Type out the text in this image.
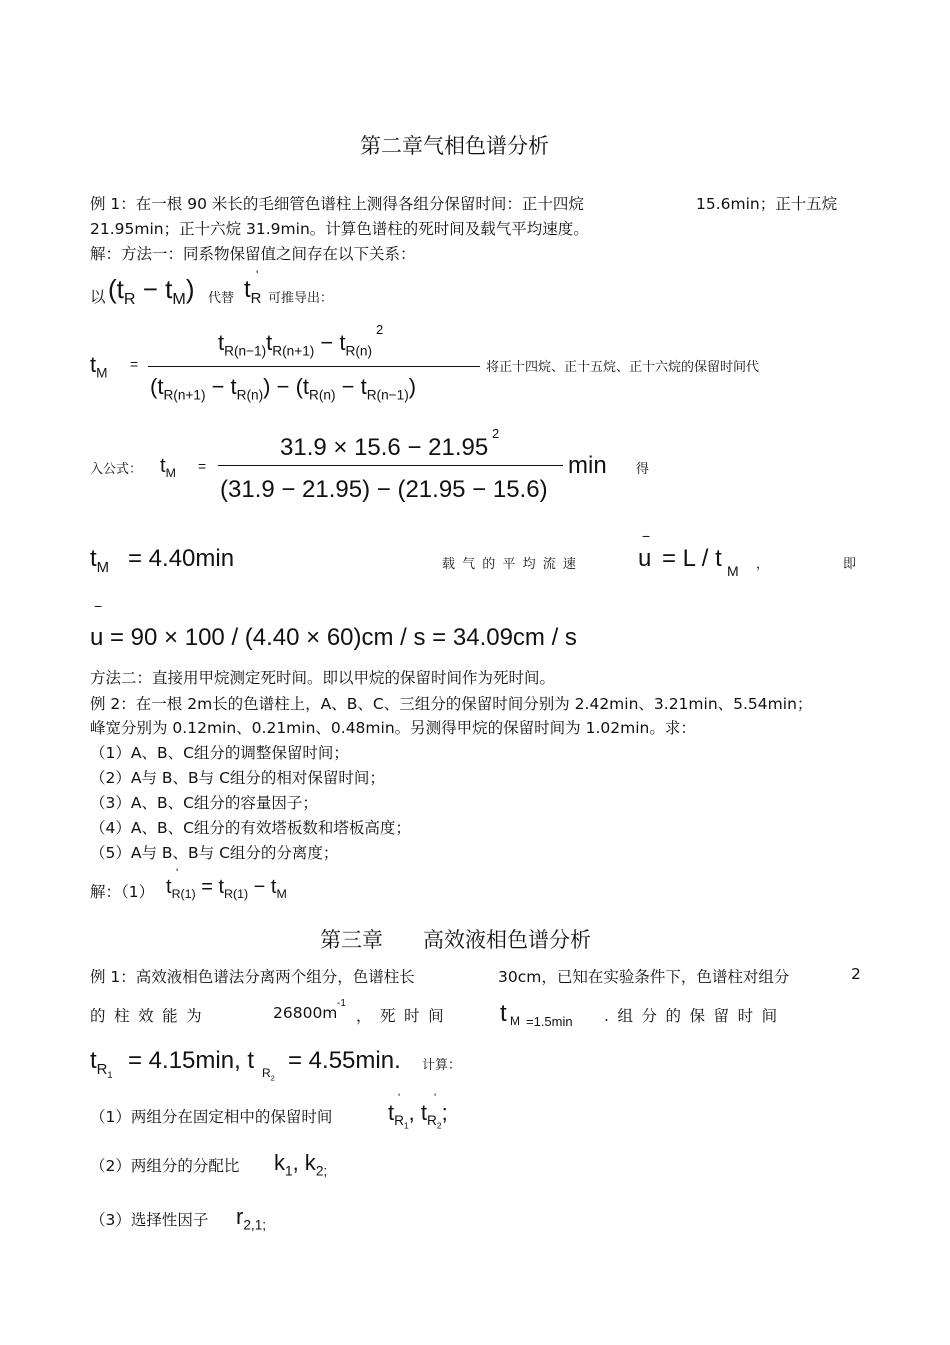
第二章气相色谱分析
例 1：在一根 90 米长的毛细管色谱柱上测得各组分保留时间：正十四烷	15.6min；正十五烷
21.95min；正十六烷 31.9min。计算色谱柱的死时间及载气平均速度。
解：方法一：同系物保留值之间存在以下关系：
以 $(t_R - t_M)$ 代替 $t_R$
'
可推导出：
$t_M$
=
$t_{R(n-1)}t_{R(n+1)} - t_{R(n)}$
2
$(t_{R(n+1)} - t_{R(n)}) - (t_{R(n)} - t_{R(n-1)})$
将正十四烷、正十五烷、正十六烷的保留时间代
入公式： $t_M$ =
31.9 × 15.6 − 21.95
2
(31.9 − 21.95) − (21.95 − 15.6)
min 得
$t_M = 4.40\min$	载气的平均流速 u
−
= L / t M ，	即
−
u = 90 × 100 / (4.40 × 60)cm / s = 34.09cm / s
方法二：直接用甲烷测定死时间。即以甲烷的保留时间作为死时间。
例 2：在一根 2m长的色谱柱上，A、B、C、三组分的保留时间分别为 2.42min、3.21min、5.54min；
峰宽分别为 0.12min、0.21min、0.48min。另测得甲烷的保留时间为 1.02min。求：
（1）A、B、C组分的调整保留时间；
（2）A与 B、B与 C组分的相对保留时间；
（3）A、B、C组分的容量因子；
（4）A、B、C组分的有效塔板数和塔板高度；
（5）A与 B、B与 C组分的分离度；
解：（1） $t_{R(1)} = t_{R(1)} - t_M$
'
第三章      高效液相色谱分析
例 1：高效液相色谱法分离两个组分，色谱柱长	30cm，已知在实验条件下，色谱柱对组分	2
的柱效能为	26800m
-1
，死时间 t M =1.5min .组分的保留时间
$t_{R_1}$
= 4.15min, t $R_2$
= 4.55min. 计算：
（1）两组分在固定相中的保留时间	$t_{R_1}$, $t_{R_2}$;
'	'
（2）两组分的分配比 $k_1$, $k_{2;}$
（3）选择性因子 $r_{2,1;}$
